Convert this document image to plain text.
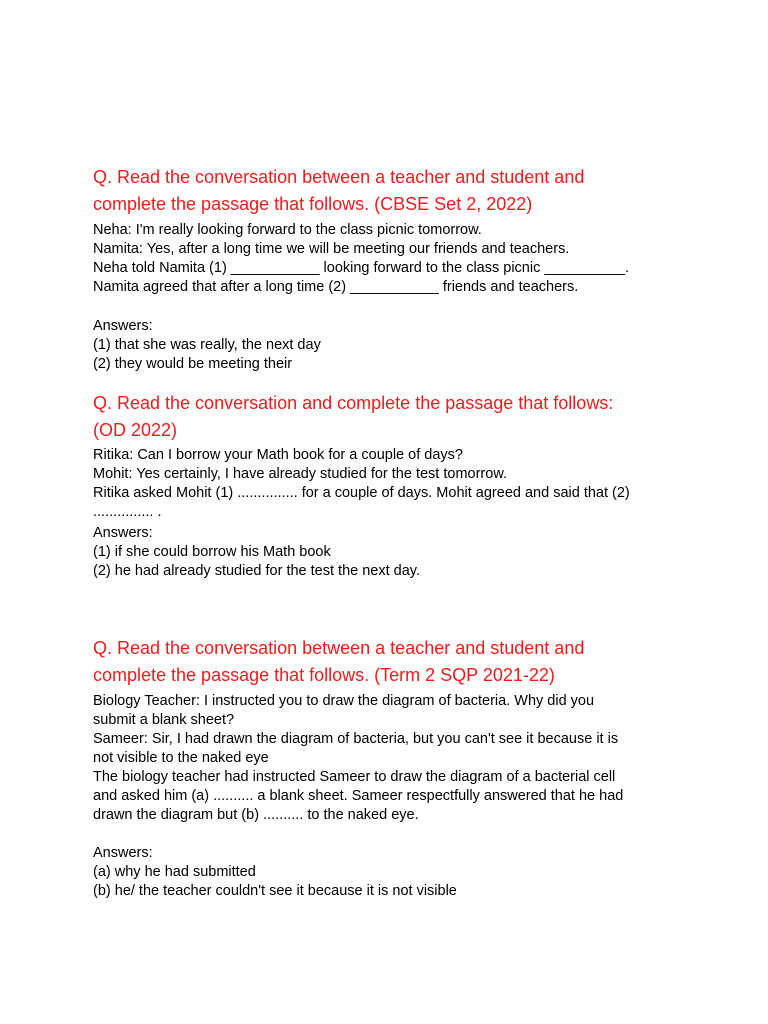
Q. Read the conversation between a teacher and student and
complete the passage that follows. (CBSE Set 2, 2022)

Neha: I'm really looking forward to the class picnic tomorrow.

Namita: Yes, after a long time we will be meeting our friends and teachers.

Neha told Namita (1) ___________ looking forward to the class picnic __________.

Namita agreed that after a long time (2) ___________ friends and teachers.

Answers:

(1) that she was really, the next day

(2) they would be meeting their

Q. Read the conversation and complete the passage that follows:
(OD 2022)

Ritika: Can I borrow your Math book for a couple of days?

Mohit: Yes certainly, I have already studied for the test tomorrow.

Ritika asked Mohit (1) ............... for a couple of days. Mohit agreed and said that (2)

............... .

Answers:

(1) if she could borrow his Math book

(2) he had already studied for the test the next day.

Q. Read the conversation between a teacher and student and
complete the passage that follows. (Term 2 SQP 2021-22)

Biology Teacher: I instructed you to draw the diagram of bacteria. Why did you

submit a blank sheet?

Sameer: Sir, I had drawn the diagram of bacteria, but you can't see it because it is

not visible to the naked eye

The biology teacher had instructed Sameer to draw the diagram of a bacterial cell

and asked him (a) .......... a blank sheet. Sameer respectfully answered that he had

drawn the diagram but (b) .......... to the naked eye.

Answers:

(a) why he had submitted

(b) he/ the teacher couldn't see it because it is not visible
